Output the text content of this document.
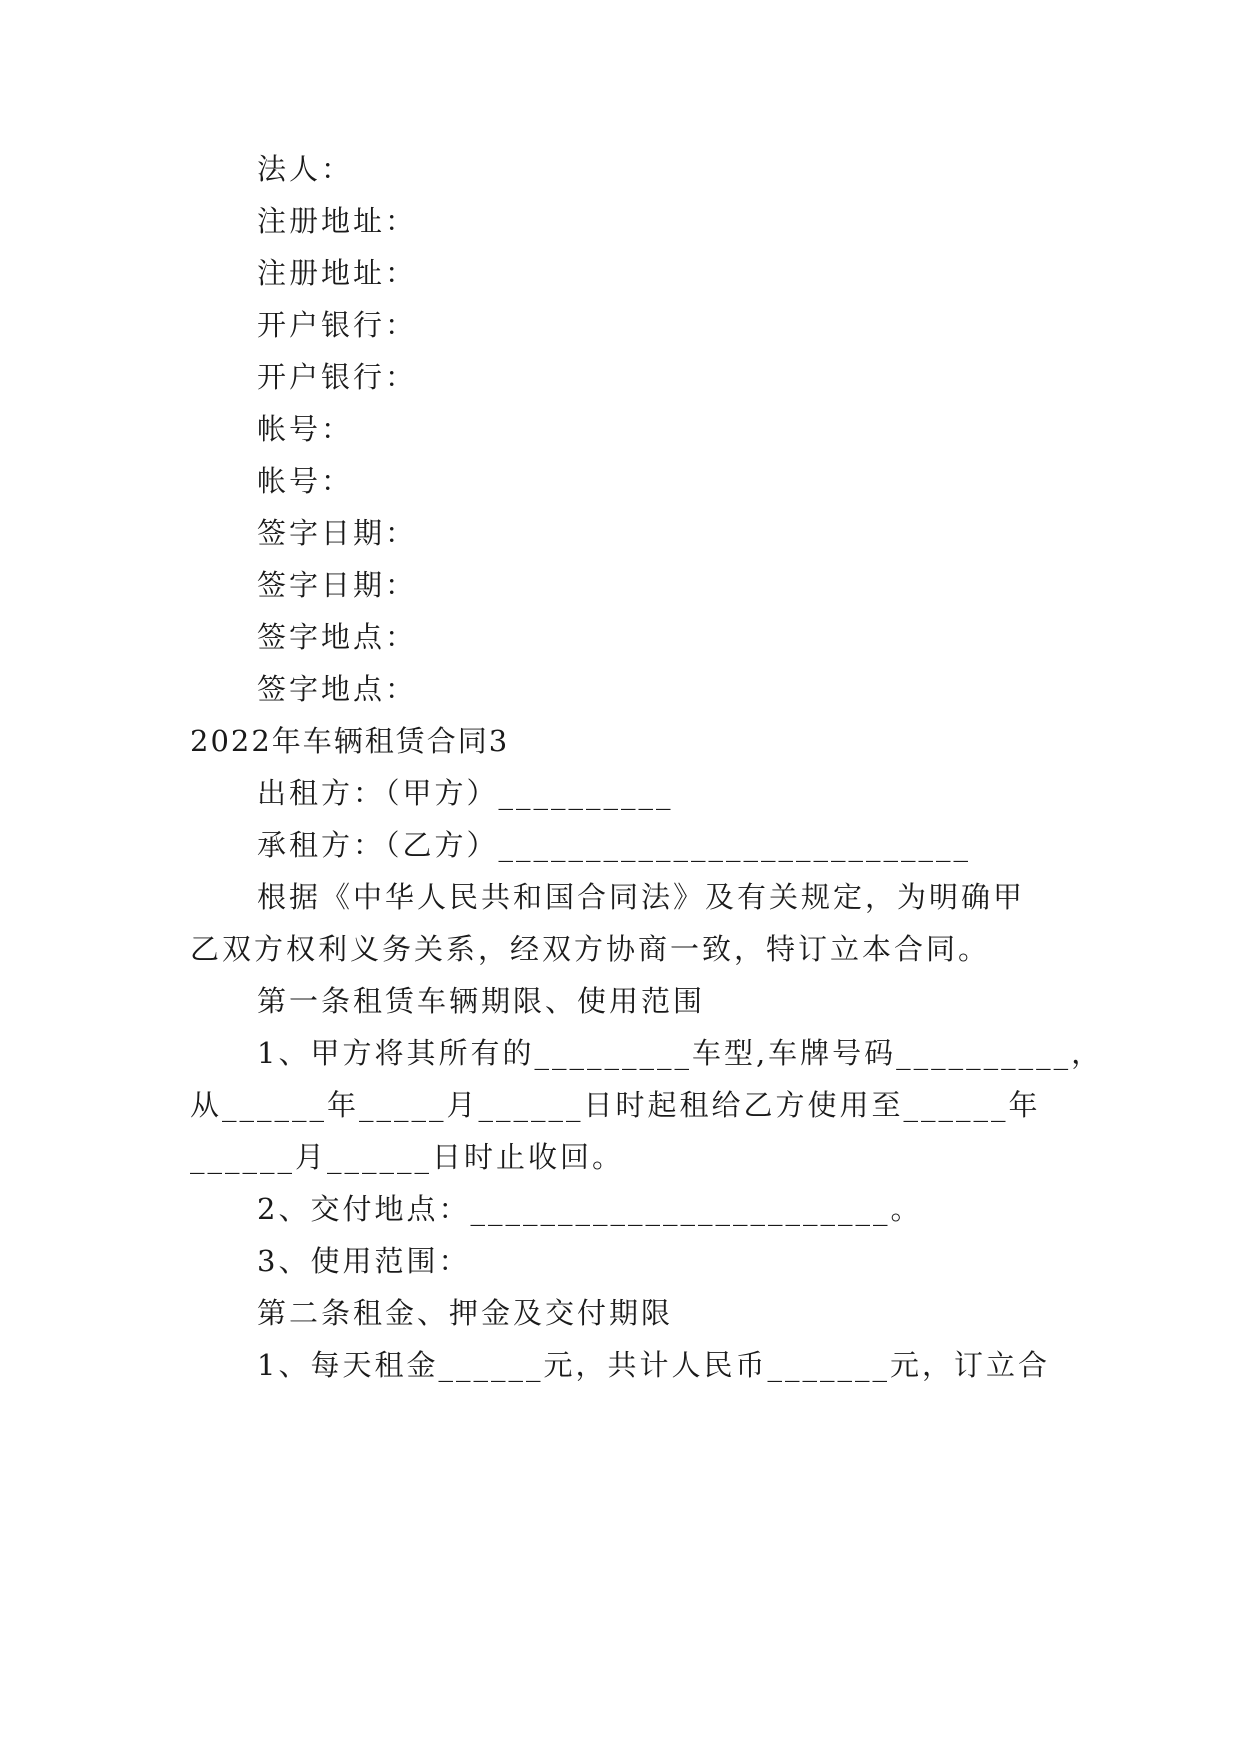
法人：
注册地址：
注册地址：
开户银行：
开户银行：
帐号：
帐号：
签字日期：
签字日期：
签字地点：
签字地点：
2022年车辆租赁合同3
出租方：（甲方）__________
承租方：（乙方）___________________________
根据《中华人民共和国合同法》及有关规定，为明确甲
乙双方权利义务关系，经双方协商一致，特订立本合同。
第一条租赁车辆期限、使用范围
1、甲方将其所有的_________车型,车牌号码__________，
从______年_____月______日时起租给乙方使用至______年
______月______日时止收回。
2、交付地点：________________________。
3、使用范围：
第二条租金、押金及交付期限
1、每天租金______元，共计人民币_______元，订立合
